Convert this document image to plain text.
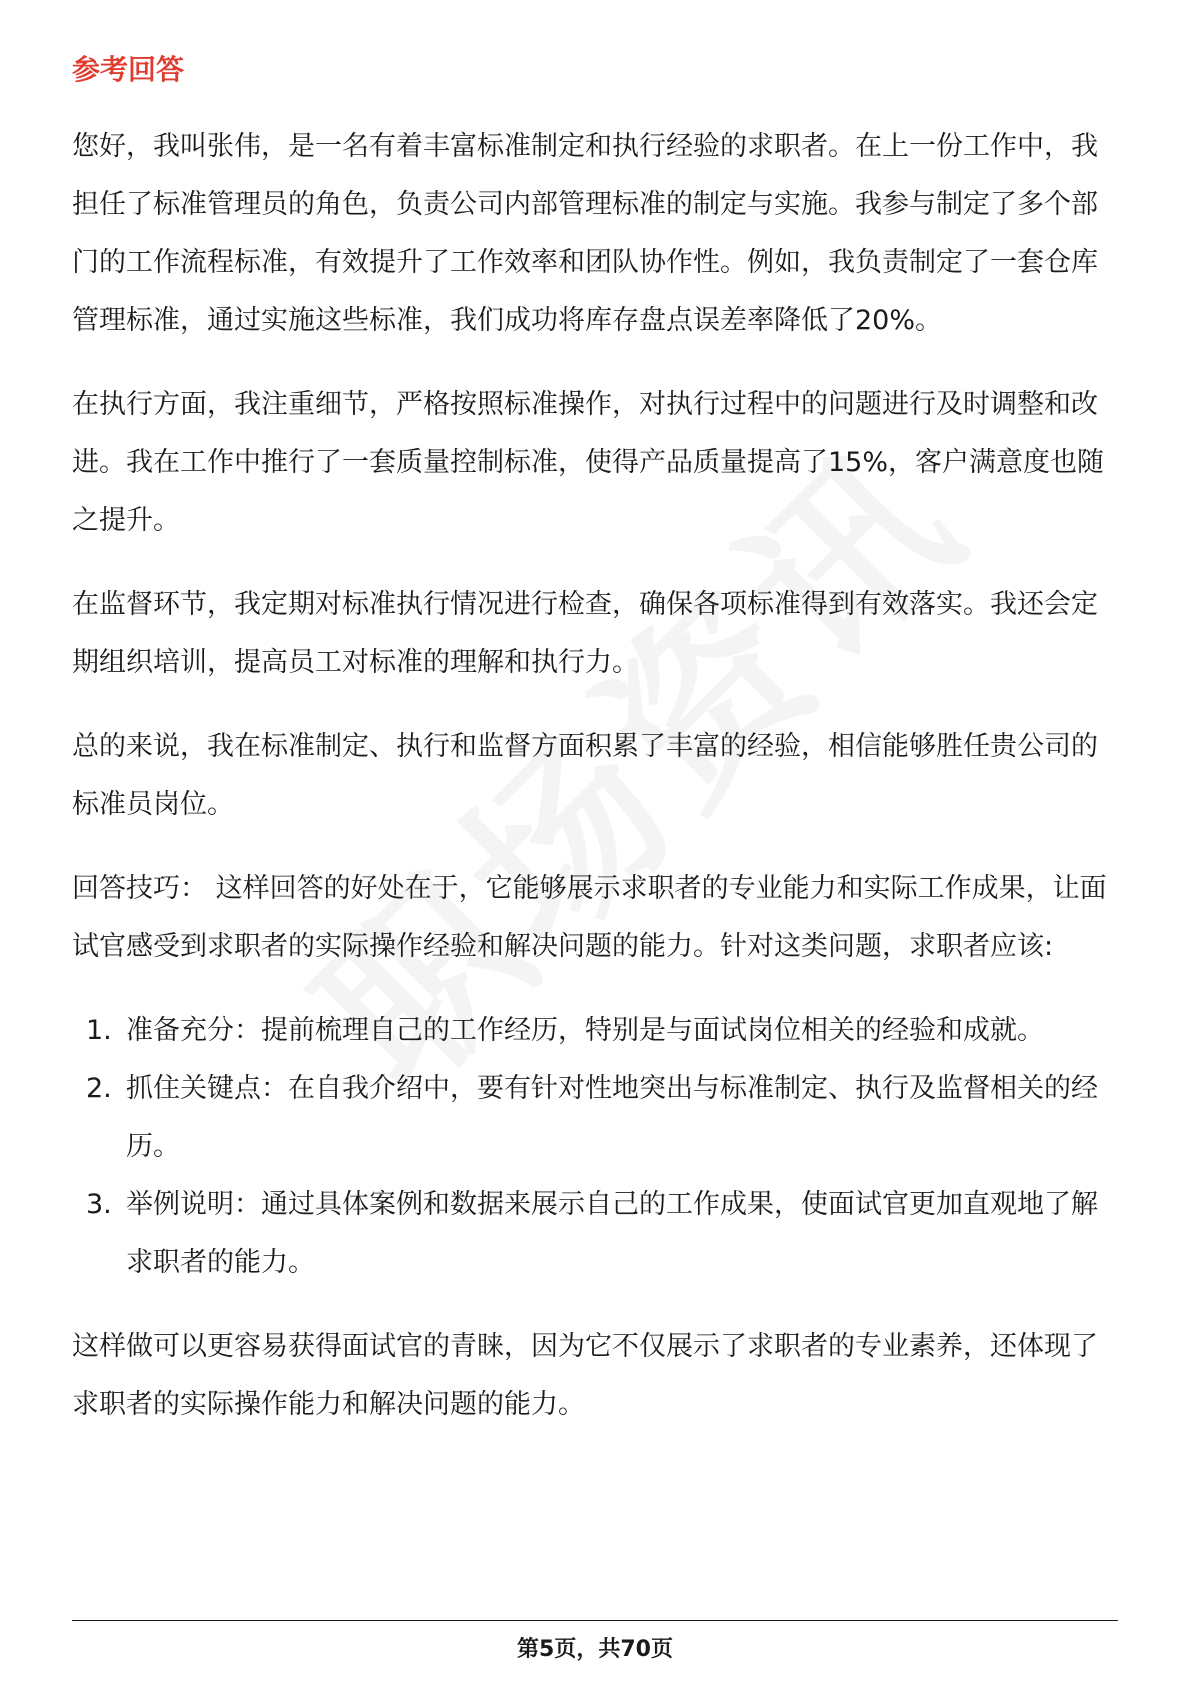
参考回答

您好，我叫张伟，是一名有着丰富标准制定和执行经验的求职者。在上一份工作中，我担任了标准管理员的角色，负责公司内部管理标准的制定与实施。我参与制定了多个部门的工作流程标准，有效提升了工作效率和团队协作性。例如，我负责制定了一套仓库管理标准，通过实施这些标准，我们成功将库存盘点误差率降低了20%。

在执行方面，我注重细节，严格按照标准操作，对执行过程中的问题进行及时调整和改进。我在工作中推行了一套质量控制标准，使得产品质量提高了15%，客户满意度也随之提升。

在监督环节，我定期对标准执行情况进行检查，确保各项标准得到有效落实。我还会定期组织培训，提高员工对标准的理解和执行力。

总的来说，我在标准制定、执行和监督方面积累了丰富的经验，相信能够胜任贵公司的标准员岗位。

回答技巧： 这样回答的好处在于，它能够展示求职者的专业能力和实际工作成果，让面试官感受到求职者的实际操作经验和解决问题的能力。针对这类问题，求职者应该:

1. 准备充分：提前梳理自己的工作经历，特别是与面试岗位相关的经验和成就。
2. 抓住关键点：在自我介绍中，要有针对性地突出与标准制定、执行及监督相关的经历。
3. 举例说明：通过具体案例和数据来展示自己的工作成果，使面试官更加直观地了解求职者的能力。

这样做可以更容易获得面试官的青睐，因为它不仅展示了求职者的专业素养，还体现了求职者的实际操作能力和解决问题的能力。

第5页，共70页
